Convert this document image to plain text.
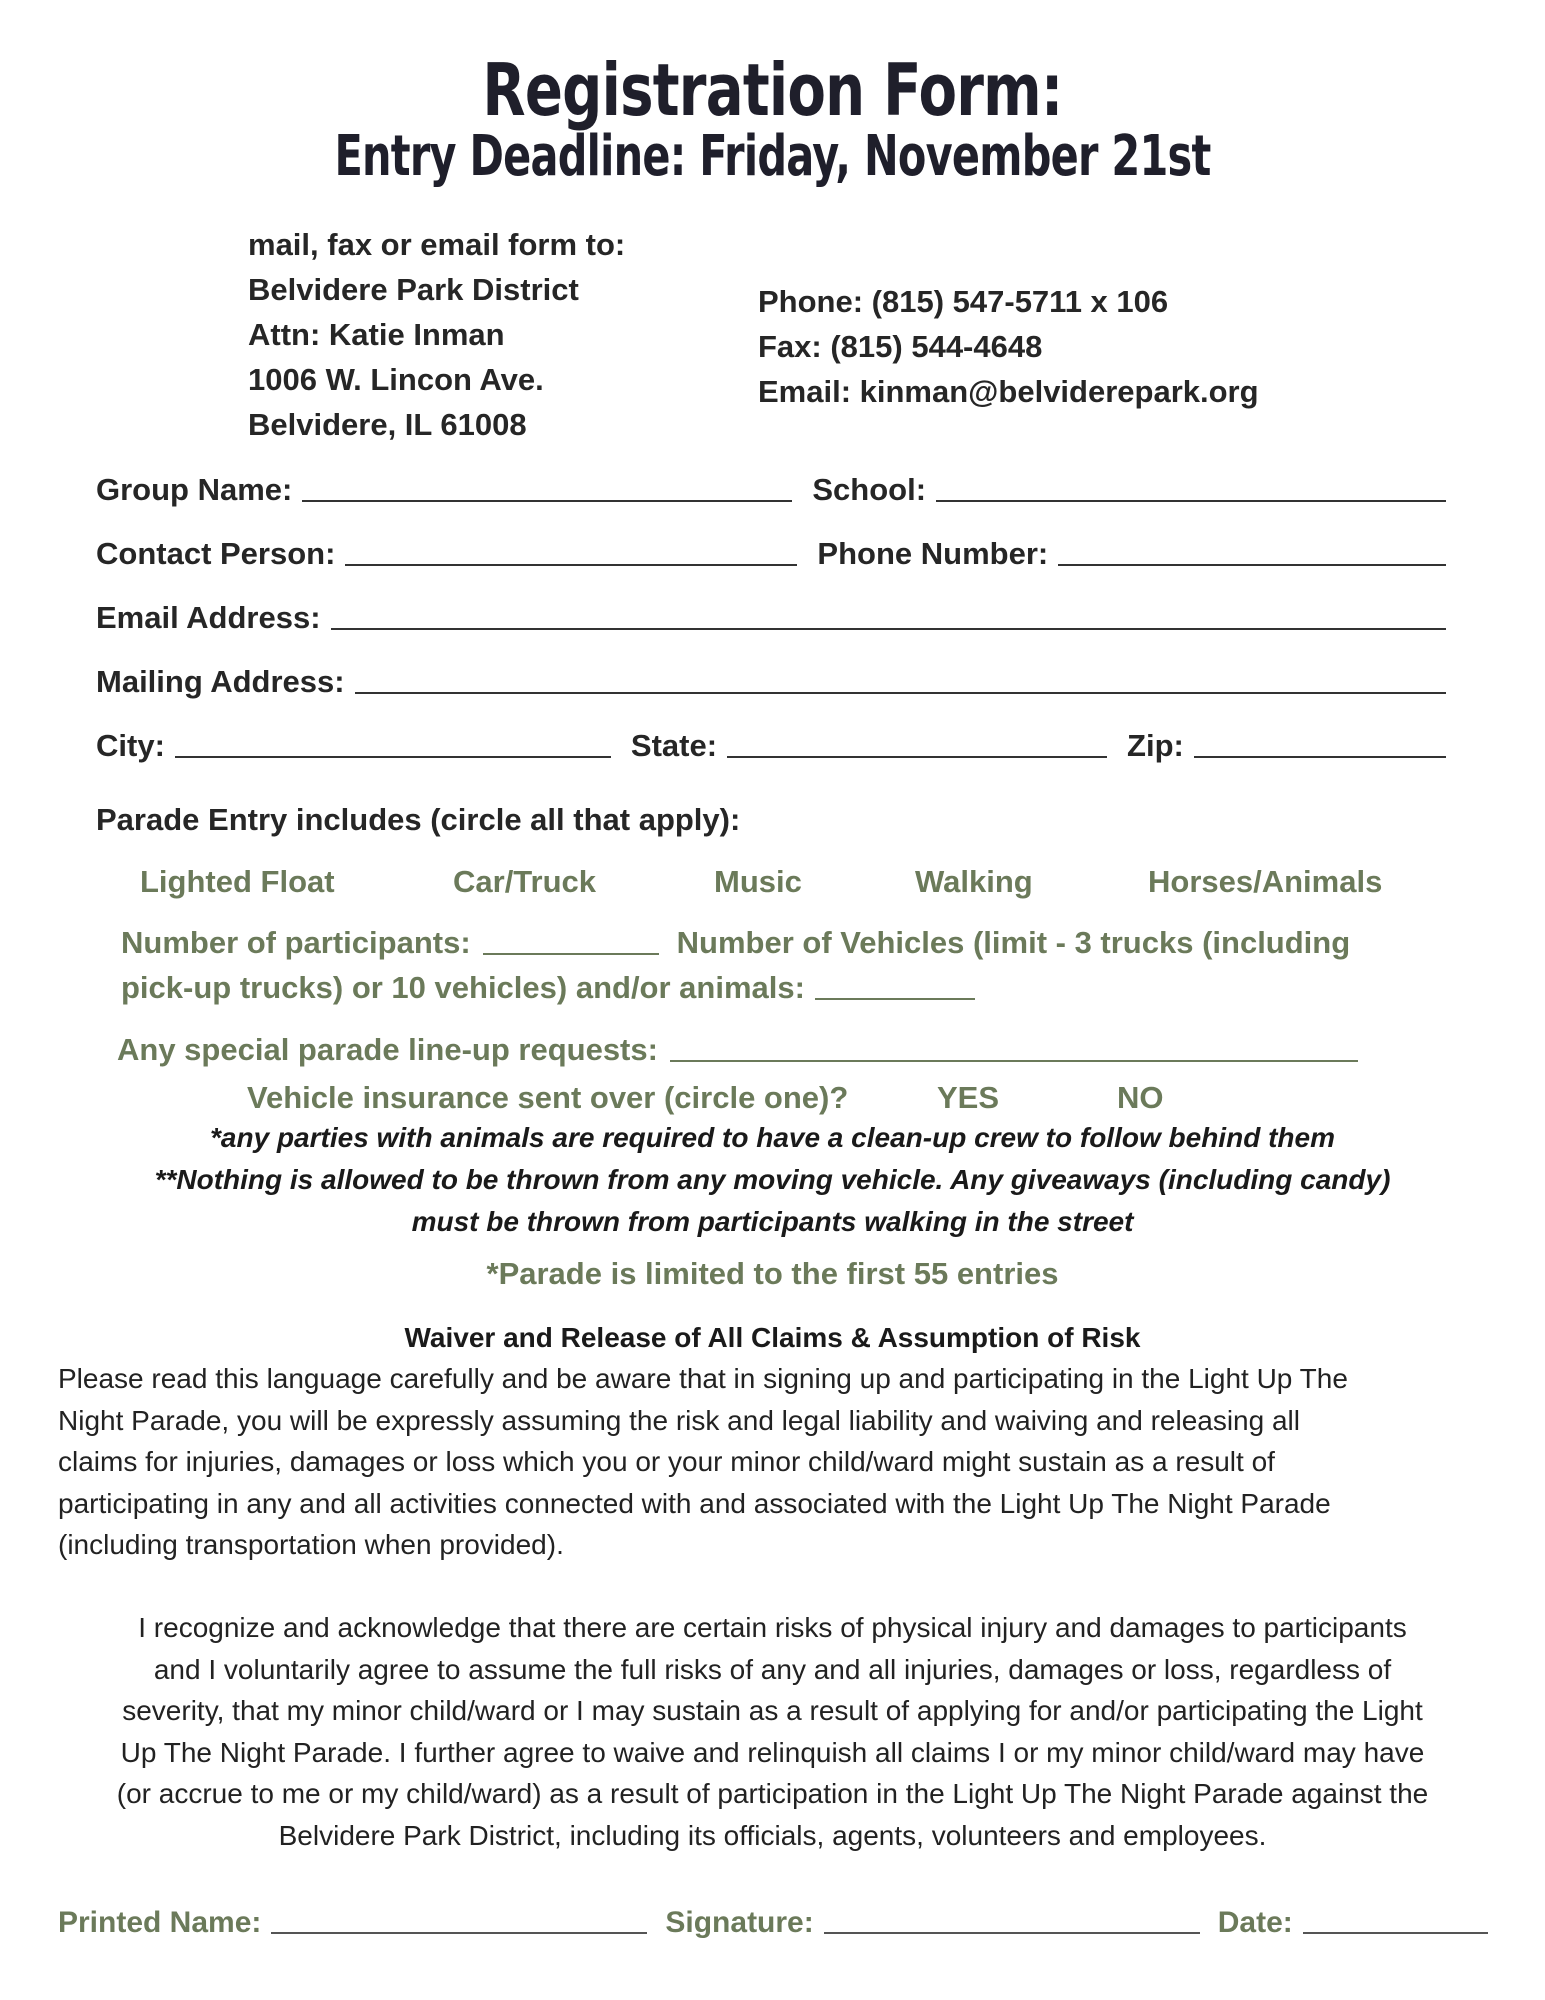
Registration Form:
Entry Deadline: Friday, November 21st
mail, fax or email form to:
Belvidere Park District
Attn: Katie Inman
1006 W. Lincon Ave.
Belvidere, IL 61008
Phone: (815) 547-5711 x 106
Fax: (815) 544-4648
Email: kinman@belviderepark.org
Group Name:	School:
Contact Person:	Phone Number:
Email Address:
Mailing Address:
City:	State:	Zip:
Parade Entry includes (circle all that apply):
Lighted Float	Car/Truck	Music	Walking	Horses/Animals
Number of participants:	Number of Vehicles (limit - 3 trucks (including
pick-up trucks) or 10 vehicles) and/or animals:
Any special parade line-up requests:
Vehicle insurance sent over (circle one)?	YES	NO
*any parties with animals are required to have a clean-up crew to follow behind them
**Nothing is allowed to be thrown from any moving vehicle. Any giveaways (including candy)
must be thrown from participants walking in the street
*Parade is limited to the first 55 entries
Waiver and Release of All Claims & Assumption of Risk
Please read this language carefully and be aware that in signing up and participating in the Light Up The
Night Parade, you will be expressly assuming the risk and legal liability and waiving and releasing all
claims for injuries, damages or loss which you or your minor child/ward might sustain as a result of
participating in any and all activities connected with and associated with the Light Up The Night Parade
(including transportation when provided).
I recognize and acknowledge that there are certain risks of physical injury and damages to participants
and I voluntarily agree to assume the full risks of any and all injuries, damages or loss, regardless of
severity, that my minor child/ward or I may sustain as a result of applying for and/or participating the Light
Up The Night Parade. I further agree to waive and relinquish all claims I or my minor child/ward may have
(or accrue to me or my child/ward) as a result of participation in the Light Up The Night Parade against the
Belvidere Park District, including its officials, agents, volunteers and employees.
Printed Name:	Signature:	Date:
